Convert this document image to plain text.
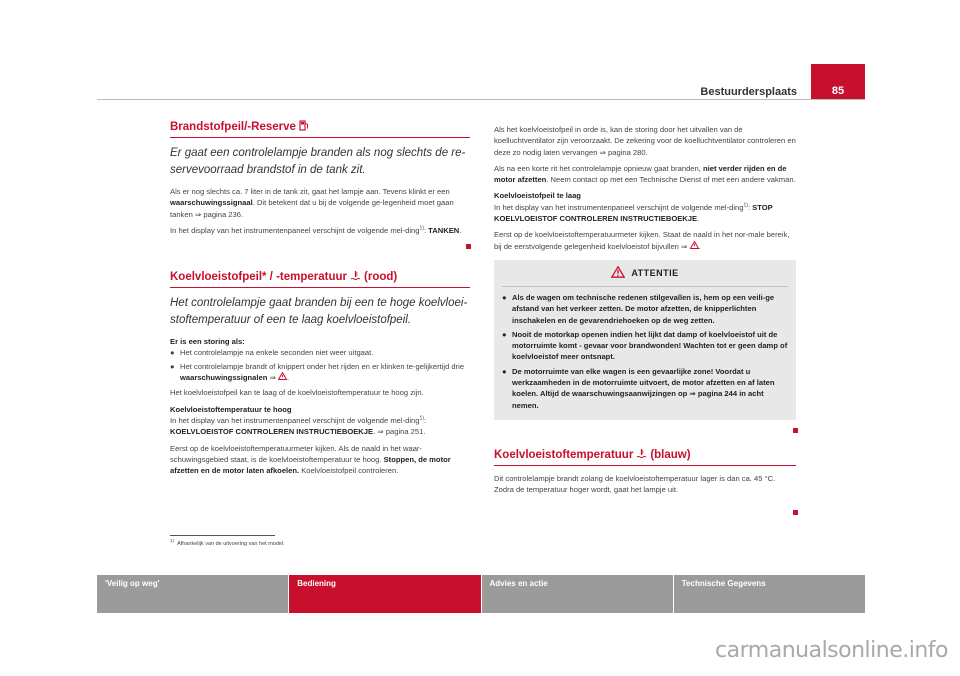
Bestuurdersplaats	85
Brandstofpeil/-Reserve
Er gaat een controlelampje branden als nog slechts de re-servevoorraad brandstof in de tank zit.

Als er nog slechts ca. 7 liter in de tank zit, gaat het lampje aan. Tevens klinkt er een waarschuwingssignaal. Dit betekent dat u bij de volgende ge-legenheid moet gaan tanken ⇒ pagina 236.

In het display van het instrumentenpaneel verschijnt de volgende mel-ding$^{1)}$: TANKEN.

Koelvloeistofpeil* / -temperatuur (rood)
Het controlelampje gaat branden bij een te hoge koelvloei-stoftemperatuur of een te laag koelvloeistofpeil.
Er is een storing als:
● Het controlelampje na enkele seconden niet weer uitgaat.
● Het controlelampje brandt of knippert onder het rijden en er klinken te-gelijkertijd drie waarschuwingssignalen ⇒ .

Het koelvloeistofpeil kan te laag of de koelvloeistoftemperatuur te hoog zijn.

Koelvloeistoftemperatuur te hoog

In het display van het instrumentenpaneel verschijnt de volgende mel-ding$^{1)}$: KOELVLOEISTOF CONTROLEREN INSTRUCTIEBOEKJE. ⇒ pagina 251.

Eerst op de koelvloeistoftemperatuurmeter kijken. Als de naald in het waar-schuwingsgebied staat, is de koelvloeistoftemperatuur te hoog. Stoppen, de motor afzetten en de motor laten afkoelen. Koelvloeistofpeil controleren.

Als het koelvloeistofpeil in orde is, kan de storing door het uitvallen van de koelluchtventilator zijn veroorzaakt. De zekering voor de koelluchtventilator controleren en deze zo nodig laten vervangen ⇒ pagina 280.

Als na een korte rit het controlelampje opnieuw gaat branden, niet verder rijden en de motor afzetten. Neem contact op met een Technische Dienst of met een andere vakman.

Koelvloeistofpeil te laag

In het display van het instrumentenpaneel verschijnt de volgende mel-ding$^{1)}$: STOP KOELVLOEISTOF CONTROLEREN INSTRUCTIEBOEKJE.

Eerst op de koelvloeistoftemperatuurmeter kijken. Staat de naald in het nor-male bereik, bij de eerstvolgende gelegenheid koelvloeistof bijvullen ⇒ .

ATTENTIE
● Als de wagen om technische redenen stilgevallen is, hem op een veili-ge afstand van het verkeer zetten. De motor afzetten, de knipperlichten inschakelen en de gevarendriehoeken op de weg zetten.
● Nooit de motorkap openen indien het lijkt dat damp of koelvloeistof uit de motorruimte komt - gevaar voor brandwonden! Wachten tot er geen damp of koelvloeistof meer ontsnapt.
● De motorruimte van elke wagen is een gevaarlijke zone! Voordat u werkzaamheden in de motorruimte uitvoert, de motor afzetten en af laten koelen. Altijd de waarschuwingsaanwijzingen op ⇒ pagina 244 in acht nemen.
Koelvloeistoftemperatuur (blauw)

Dit controlelampje brandt zolang de koelvloeistoftemperatuur lager is dan ca. 45 °C. Zodra de temperatuur hoger wordt, gaat het lampje uit.

$^{1)}$  Afhankelijk van de uitvoering van het model.
'Veilig op weg'	Bediening	Advies en actie	Technische Gegevens
carmanualsonline.info
